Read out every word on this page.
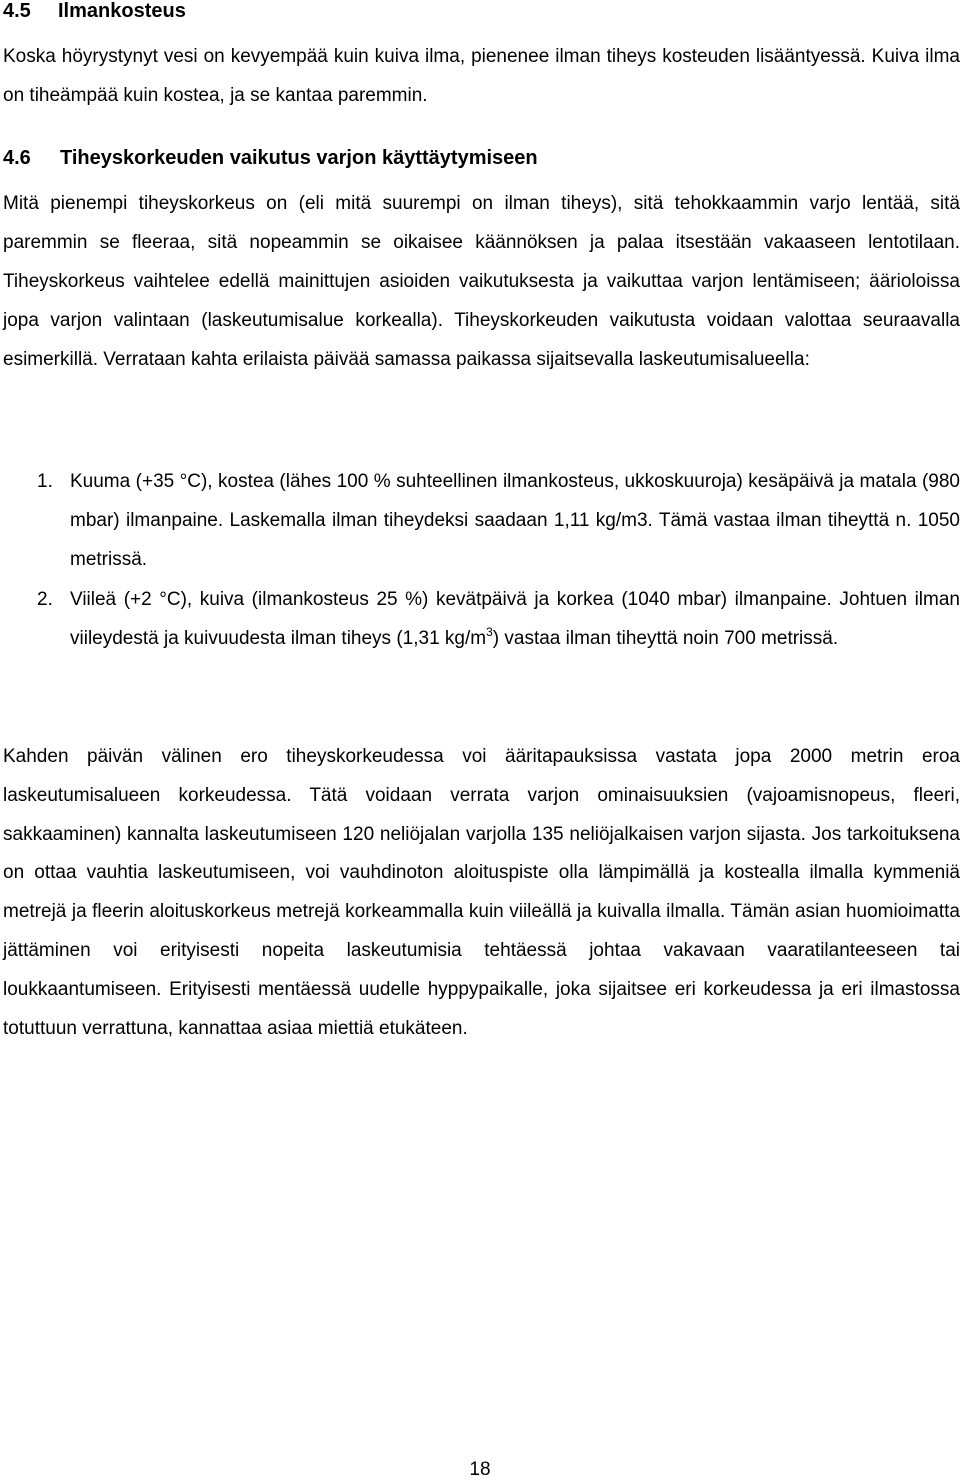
4.5 Ilmankosteus
Koska höyrystynyt vesi on kevyempää kuin kuiva ilma, pienenee ilman tiheys kosteuden lisääntyessä. Kuiva ilma on tiheämpää kuin kostea, ja se kantaa paremmin.
4.6 Tiheyskorkeuden vaikutus varjon käyttäytymiseen
Mitä pienempi tiheyskorkeus on (eli mitä suurempi on ilman tiheys), sitä tehokkaammin varjo lentää, sitä paremmin se fleeraa, sitä nopeammin se oikaisee käännöksen ja palaa itsestään vakaaseen lentotilaan. Tiheyskorkeus vaihtelee edellä mainittujen asioiden vaikutuksesta ja vaikuttaa varjon lentämiseen; äärioloissa jopa varjon valintaan (laskeutumisalue korkealla). Tiheyskorkeuden vaikutusta voidaan valottaa seuraavalla esimerkillä. Verrataan kahta erilaista päivää samassa paikassa sijaitsevalla laskeutumisalueella:
1. Kuuma (+35 °C), kostea (lähes 100 % suhteellinen ilmankosteus, ukkoskuuroja) kesäpäivä ja matala (980 mbar) ilmanpaine. Laskemalla ilman tiheydeksi saadaan 1,11 kg/m3. Tämä vastaa ilman tiheyttä n. 1050 metrissä.
2. Viileä (+2 °C), kuiva (ilmankosteus 25 %) kevätpäivä ja korkea (1040 mbar) ilmanpaine. Johtuen ilman viileydestä ja kuivuudesta ilman tiheys (1,31 $kg/m^3$) vastaa ilman tiheyttä noin 700 metrissä.
Kahden päivän välinen ero tiheyskorkeudessa voi ääritapauksissa vastata jopa 2000 metrin eroa laskeutumisalueen korkeudessa. Tätä voidaan verrata varjon ominaisuuksien (vajoamisnopeus, fleeri, sakkaaminen) kannalta laskeutumiseen 120 neliöjalan varjolla 135 neliöjalkaisen varjon sijasta. Jos tarkoituksena on ottaa vauhtia laskeutumiseen, voi vauhdinoton aloituspiste olla lämpimällä ja kostealla ilmalla kymmeniä metrejä ja fleerin aloituskorkeus metrejä korkeammalla kuin viileällä ja kuivalla ilmalla. Tämän asian huomioimatta jättäminen voi erityisesti nopeita laskeutumisia tehtäessä johtaa vakavaan vaaratilanteeseen tai loukkaantumiseen. Erityisesti mentäessä uudelle hyppypaikalle, joka sijaitsee eri korkeudessa ja eri ilmastossa totuttuun verrattuna, kannattaa asiaa miettiä etukäteen.
18
